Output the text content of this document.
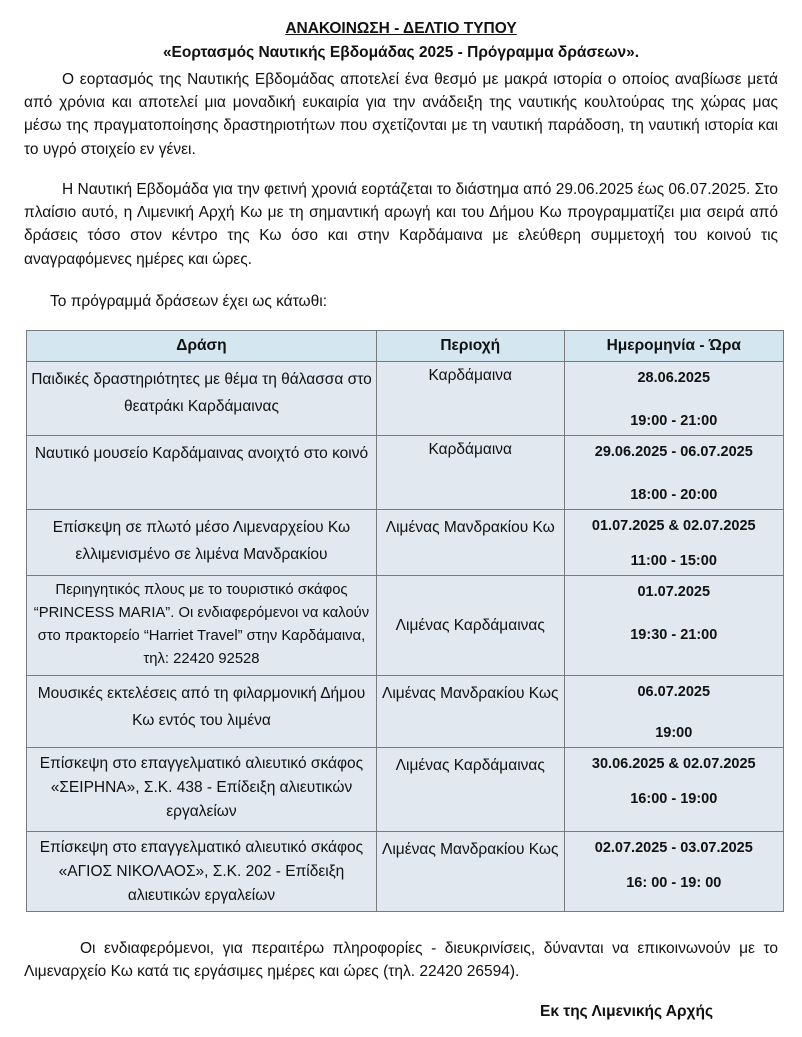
ΑΝΑΚΟΙΝΩΣΗ - ΔΕΛΤΙΟ ΤΥΠΟΥ
«Εορτασμός Ναυτικής Εβδομάδας 2025 - Πρόγραμμα δράσεων».

Ο εορτασμός της Ναυτικής Εβδομάδας αποτελεί ένα θεσμό με μακρά ιστορία ο οποίος αναβίωσε μετά από χρόνια και αποτελεί μια μοναδική ευκαιρία για την ανάδειξη της ναυτικής κουλτούρας της χώρας μας μέσω της πραγματοποίησης δραστηριοτήτων που σχετίζονται με τη ναυτική παράδοση, τη ναυτική ιστορία και το υγρό στοιχείο εν γένει.

Η Ναυτική Εβδομάδα για την φετινή χρονιά εορτάζεται το διάστημα από 29.06.2025 έως 06.07.2025. Στο πλαίσιο αυτό, η Λιμενική Αρχή Κω με τη σημαντική αρωγή και του Δήμου Κω προγραμματίζει μια σειρά από δράσεις τόσο στον κέντρο της Κω όσο και στην Καρδάμαινα με ελεύθερη συμμετοχή του κοινού τις αναγραφόμενες ημέρες και ώρες.

Το πρόγραμμά δράσεων έχει ως κάτωθι:

Δράση	Περιοχή	Ημερομηνία - Ώρα
Παιδικές δραστηριότητες με θέμα τη θάλασσα στο θεατράκι Καρδάμαινας	Καρδάμαινα	28.06.2025
19:00 - 21:00

Ναυτικό μουσείο Καρδάμαινας ανοιχτό στο κοινό	Καρδάμαινα	29.06.2025 - 06.07.2025
18:00 - 20:00

Επίσκεψη σε πλωτό μέσο Λιμεναρχείου Κω ελλιμενισμένο σε λιμένα Μανδρακίου	Λιμένας Μανδρακίου Κω	01.07.2025 & 02.07.2025
11:00 - 15:00

Περιηγητικός πλους με το τουριστικό σκάφος “PRINCESS MARIA”. Οι ενδιαφερόμενοι να καλούν στο πρακτορείο “Harriet Travel” στην Καρδάμαινα, τηλ: 22420 92528	Λιμένας Καρδάμαινας	01.07.2025
19:30 - 21:00

Μουσικές εκτελέσεις από τη φιλαρμονική Δήμου Κω εντός του λιμένα	Λιμένας Μανδρακίου Κως	06.07.2025
19:00

Επίσκεψη στο επαγγελματικό αλιευτικό σκάφος «ΣΕΙΡΗΝΑ», Σ.Κ. 438 - Επίδειξη αλιευτικών εργαλείων	Λιμένας Καρδάμαινας	30.06.2025 & 02.07.2025
16:00 - 19:00

Επίσκεψη στο επαγγελματικό αλιευτικό σκάφος «ΑΓΙΟΣ ΝΙΚΟΛΑΟΣ», Σ.Κ. 202 - Επίδειξη αλιευτικών εργαλείων	Λιμένας Μανδρακίου Κως	02.07.2025 - 03.07.2025
16: 00 - 19: 00

Οι ενδιαφερόμενοι, για περαιτέρω πληροφορίες - διευκρινίσεις, δύνανται να επικοινωνούν με το Λιμεναρχείο Κω κατά τις εργάσιμες ημέρες και ώρες (τηλ. 22420 26594).

Εκ της Λιμενικής Αρχής
